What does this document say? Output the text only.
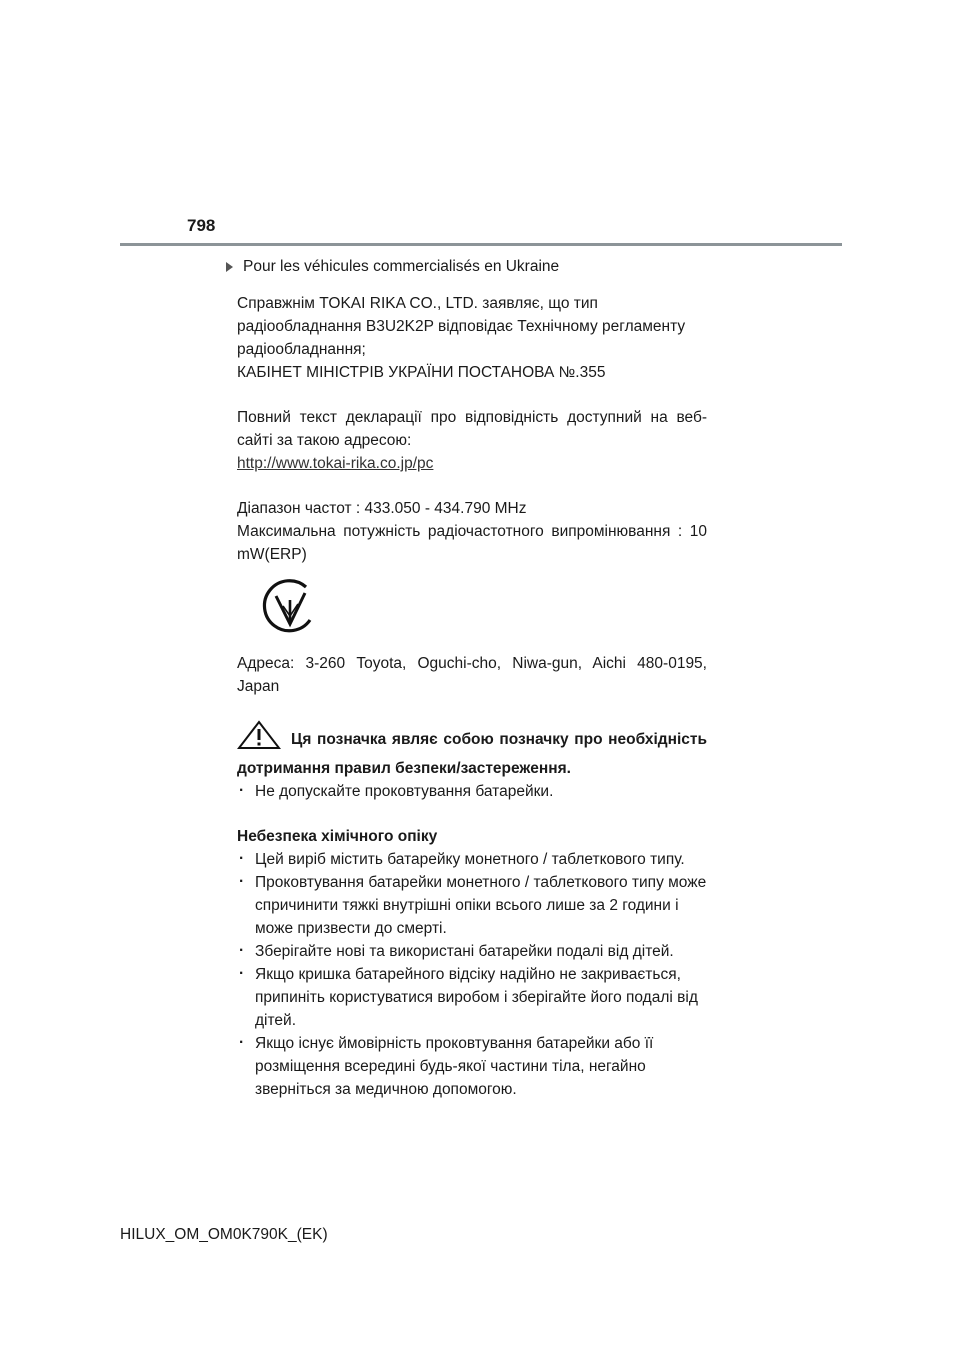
798
Pour les véhicules commercialisés en Ukraine

Справжнім TOKAI RIKA CO., LTD. заявляє, що тип

радіообладнання B3U2K2P відповідає Технічному регламенту

радіообладнання;

КАБІНЕТ МІНІСТРІВ УКРАЇНИ ПОСТАНОВА №.355

Повний текст декларації про відповідність доступний на веб-сайті за такою адресою:

http://www.tokai-rika.co.jp/pc

Діапазон частот : 433.050 - 434.790 MHz

Максимальна потужність радіочастотного випромінювання : 10 mW(ERP)

Адреса: 3-260 Toyota, Oguchi-cho, Niwa-gun, Aichi 480-0195, Japan

Ця позначка являє собою позначку про необхідність дотримання правил безпеки/застереження.

· Не допускайте проковтування батарейки.

Небезпека хімічного опіку

· Цей виріб містить батарейку монетного / таблеткового типу.
· Проковтування батарейки монетного / таблеткового типу може спричинити тяжкі внутрішні опіки всього лише за 2 години і може призвести до смерті.
· Зберігайте нові та використані батарейки подалі від дітей.
· Якщо кришка батарейного відсіку надійно не закривається, припиніть користуватися виробом і зберігайте його подалі від дітей.
· Якщо існує ймовірність проковтування батарейки або її розміщення всередині будь-якої частини тіла, негайно зверніться за медичною допомогою.
HILUX_OM_OM0K790K_(EK)
